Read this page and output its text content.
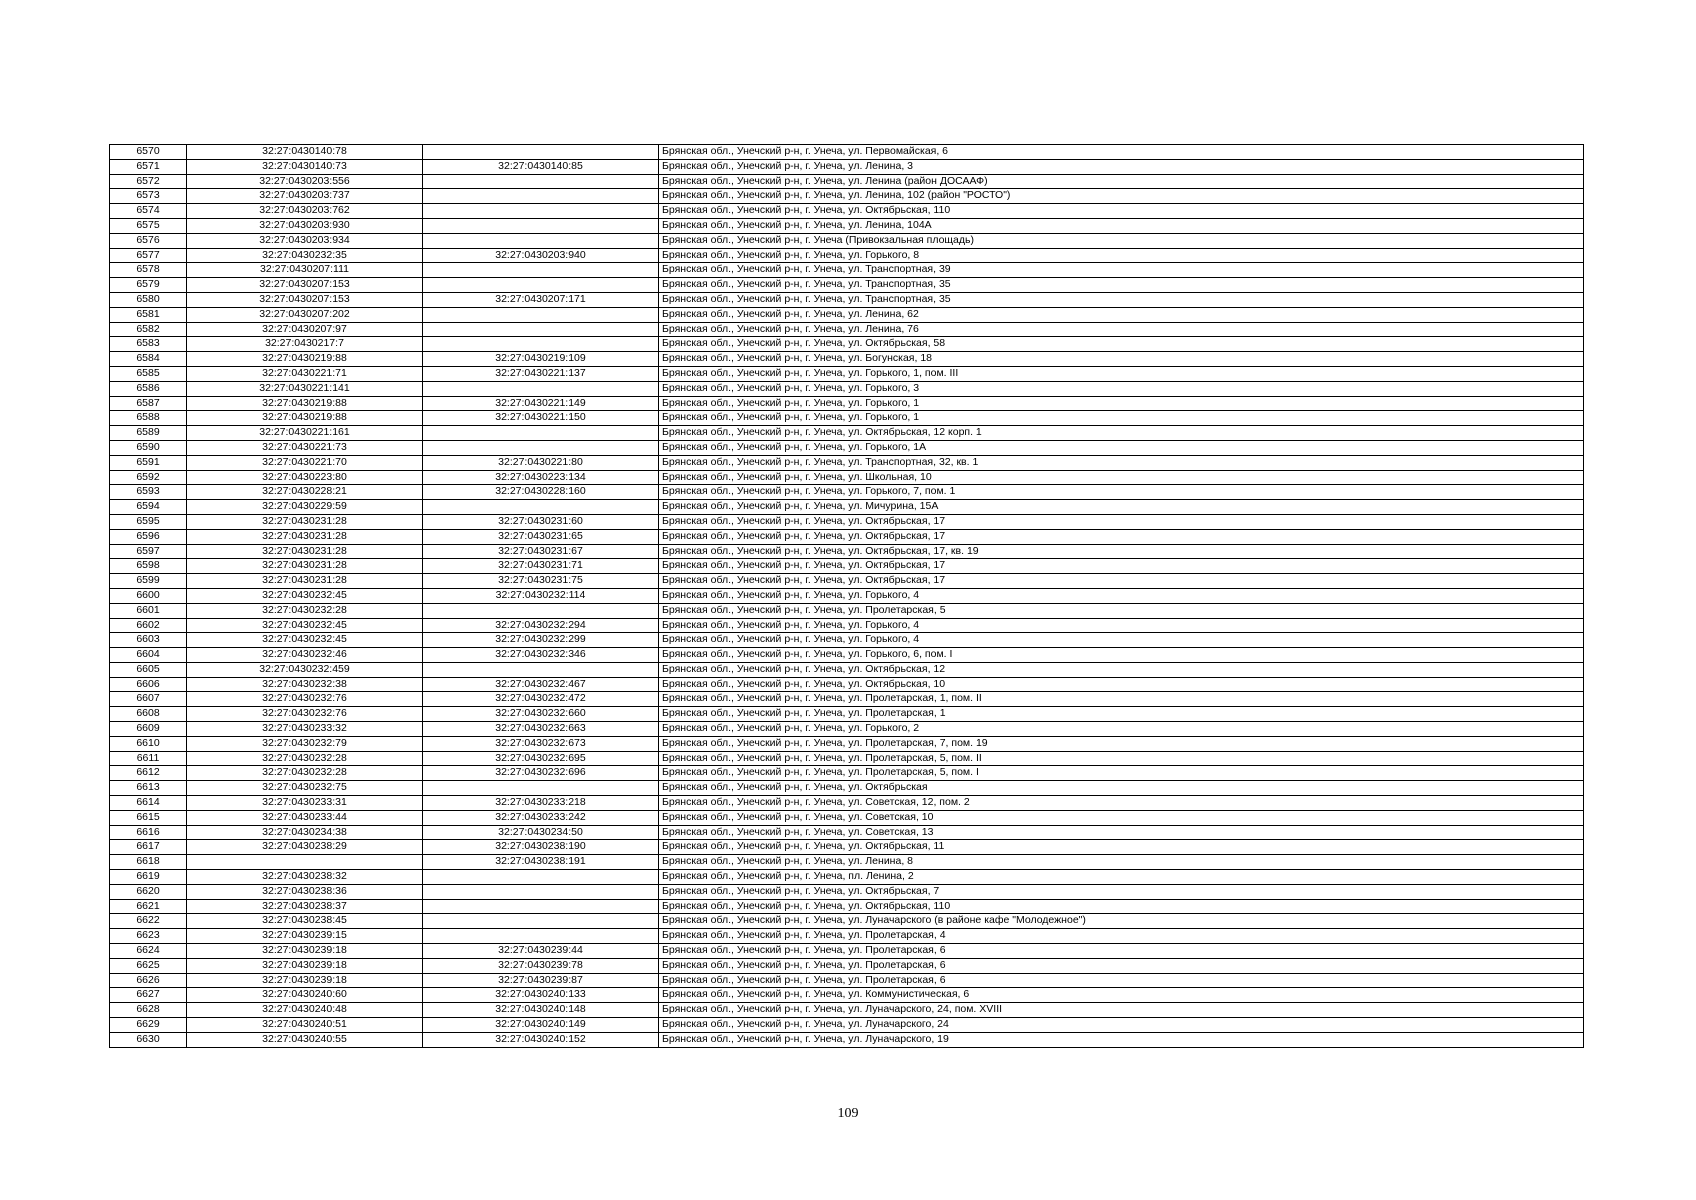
6570	32:27:0430140:78		Брянская обл., Унечский р-н, г. Унеча, ул. Первомайская, 6
6571	32:27:0430140:73	32:27:0430140:85	Брянская обл., Унечский р-н, г. Унеча, ул. Ленина, 3
6572	32:27:0430203:556		Брянская обл., Унечский р-н, г. Унеча, ул. Ленина (район ДОСААФ)
6573	32:27:0430203:737		Брянская обл., Унечский р-н, г. Унеча, ул. Ленина, 102 (район "РОСТО")
6574	32:27:0430203:762		Брянская обл., Унечский р-н, г. Унеча, ул. Октябрьская, 110
6575	32:27:0430203:930		Брянская обл., Унечский р-н, г. Унеча, ул. Ленина, 104А
6576	32:27:0430203:934		Брянская обл., Унечский р-н, г. Унеча (Привокзальная площадь)
6577	32:27:0430232:35	32:27:0430203:940	Брянская обл., Унечский р-н, г. Унеча, ул. Горького, 8
6578	32:27:0430207:111		Брянская обл., Унечский р-н, г. Унеча, ул. Транспортная, 39
6579	32:27:0430207:153		Брянская обл., Унечский р-н, г. Унеча, ул. Транспортная, 35
6580	32:27:0430207:153	32:27:0430207:171	Брянская обл., Унечский р-н, г. Унеча, ул. Транспортная, 35
6581	32:27:0430207:202		Брянская обл., Унечский р-н, г. Унеча, ул. Ленина, 62
6582	32:27:0430207:97		Брянская обл., Унечский р-н, г. Унеча, ул. Ленина, 76
6583	32:27:0430217:7		Брянская обл., Унечский р-н, г. Унеча, ул. Октябрьская, 58
6584	32:27:0430219:88	32:27:0430219:109	Брянская обл., Унечский р-н, г. Унеча, ул. Богунская, 18
6585	32:27:0430221:71	32:27:0430221:137	Брянская обл., Унечский р-н, г. Унеча, ул. Горького, 1, пом. III
6586	32:27:0430221:141		Брянская обл., Унечский р-н, г. Унеча, ул. Горького, 3
6587	32:27:0430219:88	32:27:0430221:149	Брянская обл., Унечский р-н, г. Унеча, ул. Горького, 1
6588	32:27:0430219:88	32:27:0430221:150	Брянская обл., Унечский р-н, г. Унеча, ул. Горького, 1
6589	32:27:0430221:161		Брянская обл., Унечский р-н, г. Унеча, ул. Октябрьская, 12 корп. 1
6590	32:27:0430221:73		Брянская обл., Унечский р-н, г. Унеча, ул. Горького, 1А
6591	32:27:0430221:70	32:27:0430221:80	Брянская обл., Унечский р-н, г. Унеча, ул. Транспортная, 32, кв. 1
6592	32:27:0430223:80	32:27:0430223:134	Брянская обл., Унечский р-н, г. Унеча, ул. Школьная, 10
6593	32:27:0430228:21	32:27:0430228:160	Брянская обл., Унечский р-н, г. Унеча, ул. Горького, 7, пом. 1
6594	32:27:0430229:59		Брянская обл., Унечский р-н, г. Унеча, ул. Мичурина, 15А
6595	32:27:0430231:28	32:27:0430231:60	Брянская обл., Унечский р-н, г. Унеча, ул. Октябрьская, 17
6596	32:27:0430231:28	32:27:0430231:65	Брянская обл., Унечский р-н, г. Унеча, ул. Октябрьская, 17
6597	32:27:0430231:28	32:27:0430231:67	Брянская обл., Унечский р-н, г. Унеча, ул. Октябрьская, 17, кв. 19
6598	32:27:0430231:28	32:27:0430231:71	Брянская обл., Унечский р-н, г. Унеча, ул. Октябрьская, 17
6599	32:27:0430231:28	32:27:0430231:75	Брянская обл., Унечский р-н, г. Унеча, ул. Октябрьская, 17
6600	32:27:0430232:45	32:27:0430232:114	Брянская обл., Унечский р-н, г. Унеча, ул. Горького, 4
6601	32:27:0430232:28		Брянская обл., Унечский р-н, г. Унеча, ул. Пролетарская, 5
6602	32:27:0430232:45	32:27:0430232:294	Брянская обл., Унечский р-н, г. Унеча, ул. Горького, 4
6603	32:27:0430232:45	32:27:0430232:299	Брянская обл., Унечский р-н, г. Унеча, ул. Горького, 4
6604	32:27:0430232:46	32:27:0430232:346	Брянская обл., Унечский р-н, г. Унеча, ул. Горького, 6, пом. I
6605	32:27:0430232:459		Брянская обл., Унечский р-н, г. Унеча, ул. Октябрьская, 12
6606	32:27:0430232:38	32:27:0430232:467	Брянская обл., Унечский р-н, г. Унеча, ул. Октябрьская, 10
6607	32:27:0430232:76	32:27:0430232:472	Брянская обл., Унечский р-н, г. Унеча, ул. Пролетарская, 1, пом. II
6608	32:27:0430232:76	32:27:0430232:660	Брянская обл., Унечский р-н, г. Унеча, ул. Пролетарская, 1
6609	32:27:0430233:32	32:27:0430232:663	Брянская обл., Унечский р-н, г. Унеча, ул. Горького, 2
6610	32:27:0430232:79	32:27:0430232:673	Брянская обл., Унечский р-н, г. Унеча, ул. Пролетарская, 7, пом. 19
6611	32:27:0430232:28	32:27:0430232:695	Брянская обл., Унечский р-н, г. Унеча, ул. Пролетарская, 5, пом. II
6612	32:27:0430232:28	32:27:0430232:696	Брянская обл., Унечский р-н, г. Унеча, ул. Пролетарская, 5, пом. I
6613	32:27:0430232:75		Брянская обл., Унечский р-н, г. Унеча, ул. Октябрьская
6614	32:27:0430233:31	32:27:0430233:218	Брянская обл., Унечский р-н, г. Унеча, ул. Советская, 12, пом. 2
6615	32:27:0430233:44	32:27:0430233:242	Брянская обл., Унечский р-н, г. Унеча, ул. Советская, 10
6616	32:27:0430234:38	32:27:0430234:50	Брянская обл., Унечский р-н, г. Унеча, ул. Советская, 13
6617	32:27:0430238:29	32:27:0430238:190	Брянская обл., Унечский р-н, г. Унеча, ул. Октябрьская, 11
6618		32:27:0430238:191	Брянская обл., Унечский р-н, г. Унеча, ул. Ленина, 8
6619	32:27:0430238:32		Брянская обл., Унечский р-н, г. Унеча, пл. Ленина, 2
6620	32:27:0430238:36		Брянская обл., Унечский р-н, г. Унеча, ул. Октябрьская, 7
6621	32:27:0430238:37		Брянская обл., Унечский р-н, г. Унеча, ул. Октябрьская, 110
6622	32:27:0430238:45		Брянская обл., Унечский р-н, г. Унеча, ул. Луначарского (в районе кафе "Молодежное")
6623	32:27:0430239:15		Брянская обл., Унечский р-н, г. Унеча, ул. Пролетарская, 4
6624	32:27:0430239:18	32:27:0430239:44	Брянская обл., Унечский р-н, г. Унеча, ул. Пролетарская, 6
6625	32:27:0430239:18	32:27:0430239:78	Брянская обл., Унечский р-н, г. Унеча, ул. Пролетарская, 6
6626	32:27:0430239:18	32:27:0430239:87	Брянская обл., Унечский р-н, г. Унеча, ул. Пролетарская, 6
6627	32:27:0430240:60	32:27:0430240:133	Брянская обл., Унечский р-н, г. Унеча, ул. Коммунистическая, 6
6628	32:27:0430240:48	32:27:0430240:148	Брянская обл., Унечский р-н, г. Унеча, ул. Луначарского, 24, пом. XVIII
6629	32:27:0430240:51	32:27:0430240:149	Брянская обл., Унечский р-н, г. Унеча, ул. Луначарского, 24
6630	32:27:0430240:55	32:27:0430240:152	Брянская обл., Унечский р-н, г. Унеча, ул. Луначарского, 19
109
